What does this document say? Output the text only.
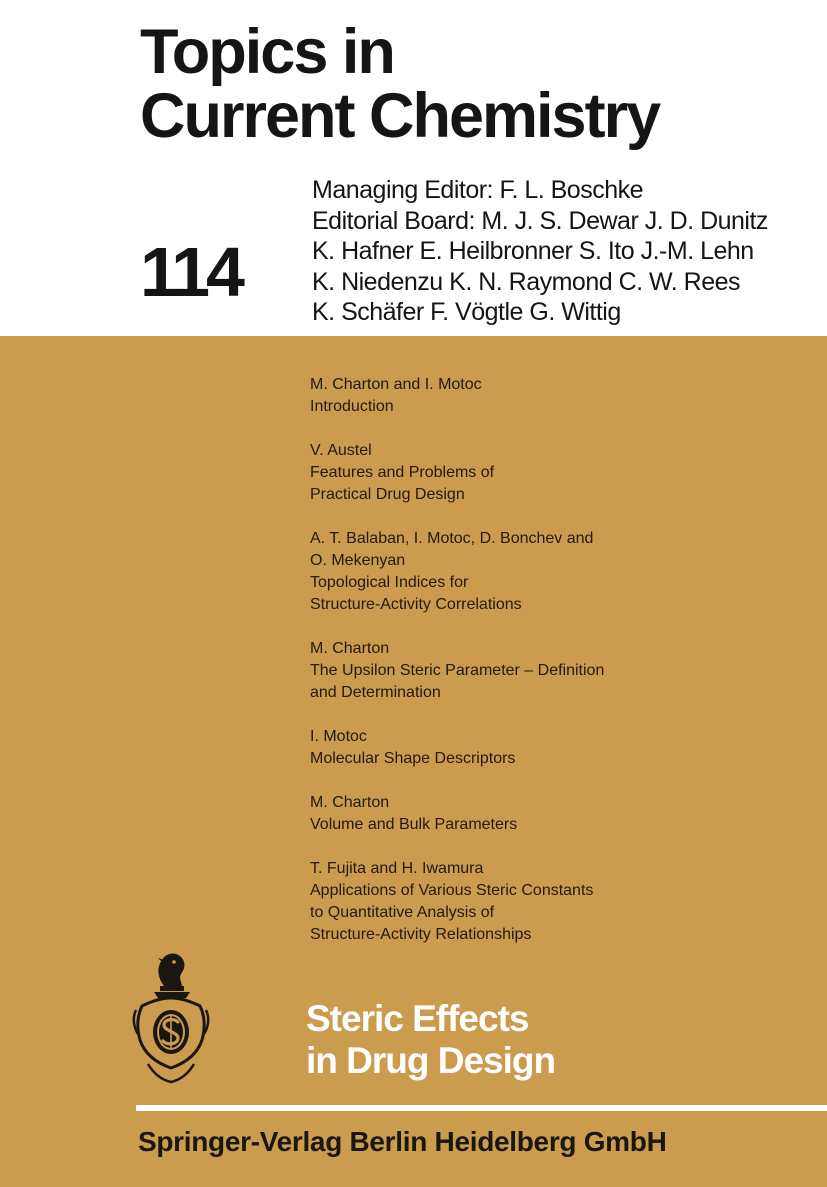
Topics in
Current Chemistry
114
Managing Editor: F. L. Boschke
Editorial Board: M. J. S. Dewar J. D. Dunitz
K. Hafner E. Heilbronner S. Ito J.-M. Lehn
K. Niedenzu K. N. Raymond C. W. Rees
K. Schäfer F. Vögtle G. Wittig
M. Charton and I. Motoc
Introduction
V. Austel
Features and Problems of
Practical Drug Design
A. T. Balaban, I. Motoc, D. Bonchev and
O. Mekenyan
Topological Indices for
Structure-Activity Correlations
M. Charton
The Upsilon Steric Parameter – Definition
and Determination
I. Motoc
Molecular Shape Descriptors
M. Charton
Volume and Bulk Parameters
T. Fujita and H. Iwamura
Applications of Various Steric Constants
to Quantitative Analysis of
Structure-Activity Relationships
Steric Effects
in Drug Design
Springer-Verlag Berlin Heidelberg GmbH
